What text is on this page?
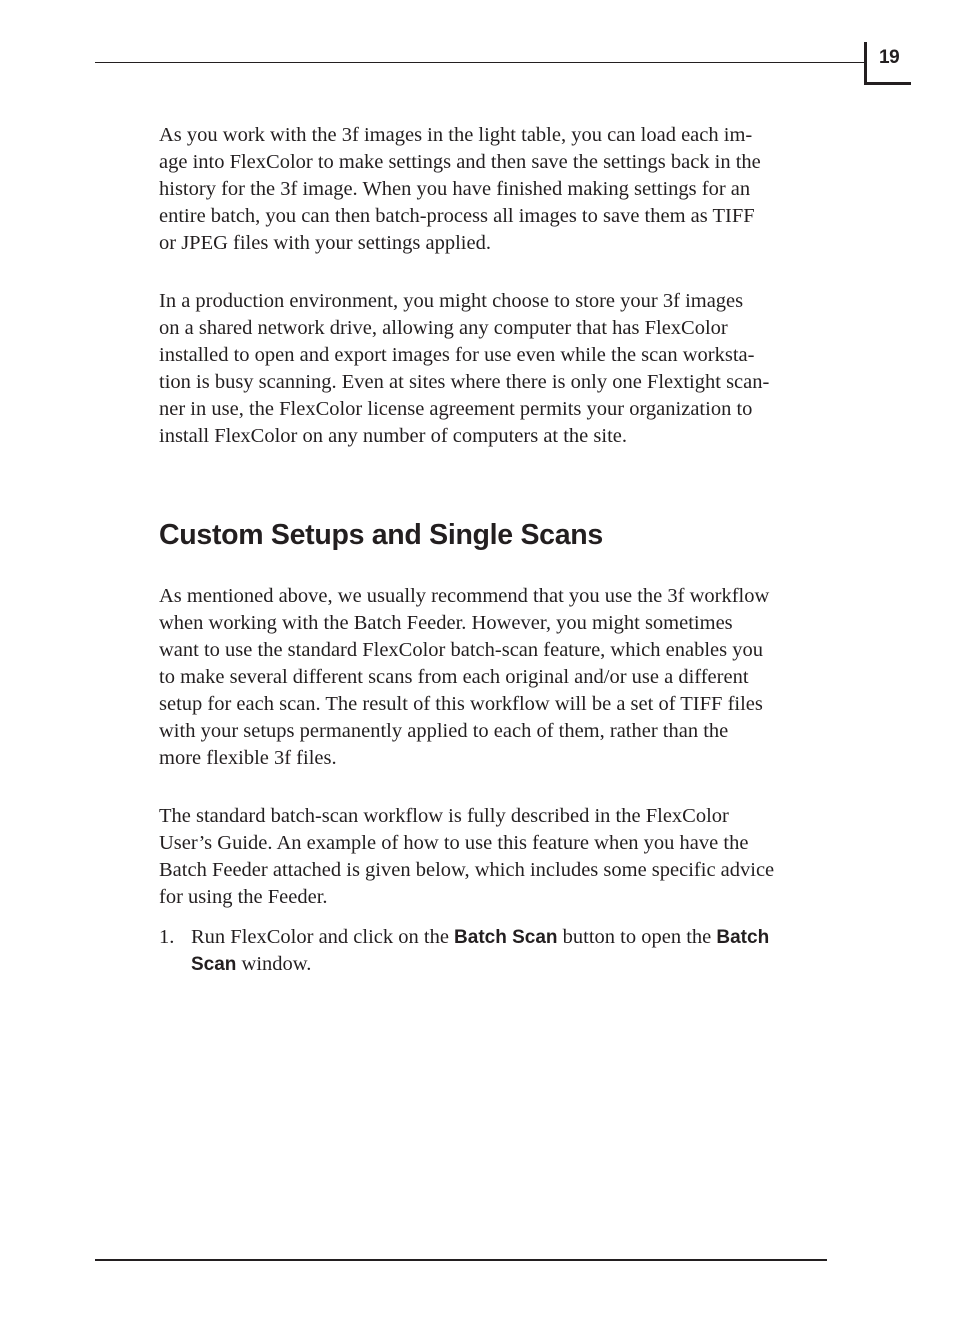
19

As you work with the 3f images in the light table, you can load each im-
age into FlexColor to make settings and then save the settings back in the
history for the 3f image. When you have finished making settings for an
entire batch, you can then batch-process all images to save them as TIFF
or JPEG files with your settings applied.

In a production environment, you might choose to store your 3f images
on a shared network drive, allowing any computer that has FlexColor
installed to open and export images for use even while the scan worksta-
tion is busy scanning. Even at sites where there is only one Flextight scan-
ner in use, the FlexColor license agreement permits your organization to
install FlexColor on any number of computers at the site.

Custom Setups and Single Scans

As mentioned above, we usually recommend that you use the 3f workflow
when working with the Batch Feeder. However, you might sometimes
want to use the standard FlexColor batch-scan feature, which enables you
to make several different scans from each original and/or use a different
setup for each scan. The result of this workflow will be a set of TIFF files
with your setups permanently applied to each of them, rather than the
more flexible 3f files.

The standard batch-scan workflow is fully described in the FlexColor
User’s Guide. An example of how to use this feature when you have the
Batch Feeder attached is given below, which includes some specific advice
for using the Feeder.

1. Run FlexColor and click on the Batch Scan button to open the Batch
Scan window.
